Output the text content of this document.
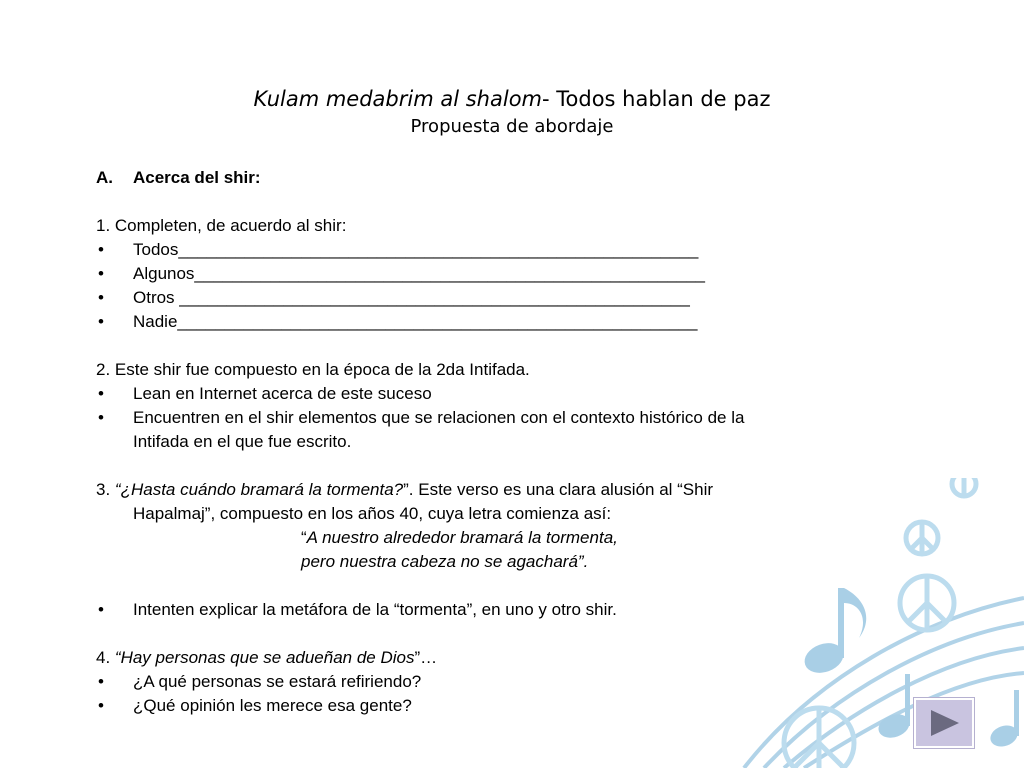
Kulam medabrim al shalom- Todos hablan de paz
Propuesta de abordaje
A.	Acerca del shir:
1. Completen, de acuerdo al shir:
•	Todos_______________________________________________________
•	Algunos______________________________________________________
•	Otros ______________________________________________________
•	Nadie_______________________________________________________
2. Este shir fue compuesto en la época de la 2da Intifada.
•	Lean en Internet acerca de este suceso
•	Encuentren en el shir elementos que se relacionen con el contexto histórico de la
Intifada en el que fue escrito.
3. “¿Hasta cuándo bramará la tormenta?”. Este verso es una clara alusión al “Shir
Hapalmaj”, compuesto en los años 40, cuya letra comienza así:
“A nuestro alrededor bramará la tormenta,
pero nuestra cabeza no se agachará”.
•	Intenten explicar la metáfora de la “tormenta”, en uno y otro shir.
4. “Hay personas que se adueñan de Dios”…
•	¿A qué personas se estará refiriendo?
•	¿Qué opinión les merece esa gente?
